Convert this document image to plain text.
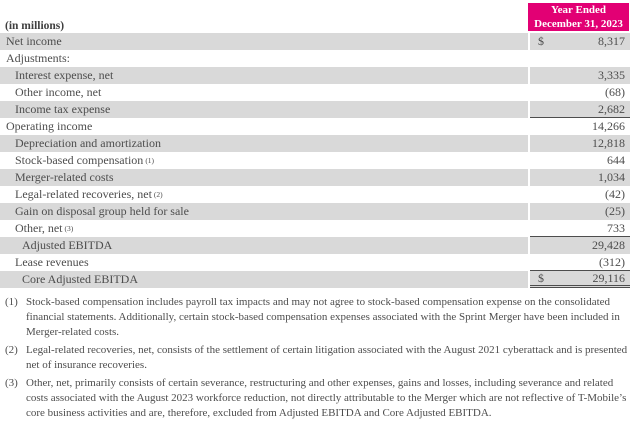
(in millions)
Year Ended
December 31, 2023
Net income	$	8,317
Adjustments:
Interest expense, net	3,335
Other income, net	(68)
Income tax expense	2,682
Operating income	14,266
Depreciation and amortization	12,818
Stock-based compensation (1)	644
Merger-related costs	1,034
Legal-related recoveries, net (2)	(42)
Gain on disposal group held for sale	(25)
Other, net (3)	733
Adjusted EBITDA	29,428
Lease revenues	(312)
Core Adjusted EBITDA	$	29,116
(1) Stock-based compensation includes payroll tax impacts and may not agree to stock-based compensation expense on the consolidated financial statements. Additionally, certain stock-based compensation expenses associated with the Sprint Merger have been included in Merger-related costs.
(2) Legal-related recoveries, net, consists of the settlement of certain litigation associated with the August 2021 cyberattack and is presented net of insurance recoveries.
(3) Other, net, primarily consists of certain severance, restructuring and other expenses, gains and losses, including severance and related costs associated with the August 2023 workforce reduction, not directly attributable to the Merger which are not reflective of T-Mobile’s core business activities and are, therefore, excluded from Adjusted EBITDA and Core Adjusted EBITDA.
